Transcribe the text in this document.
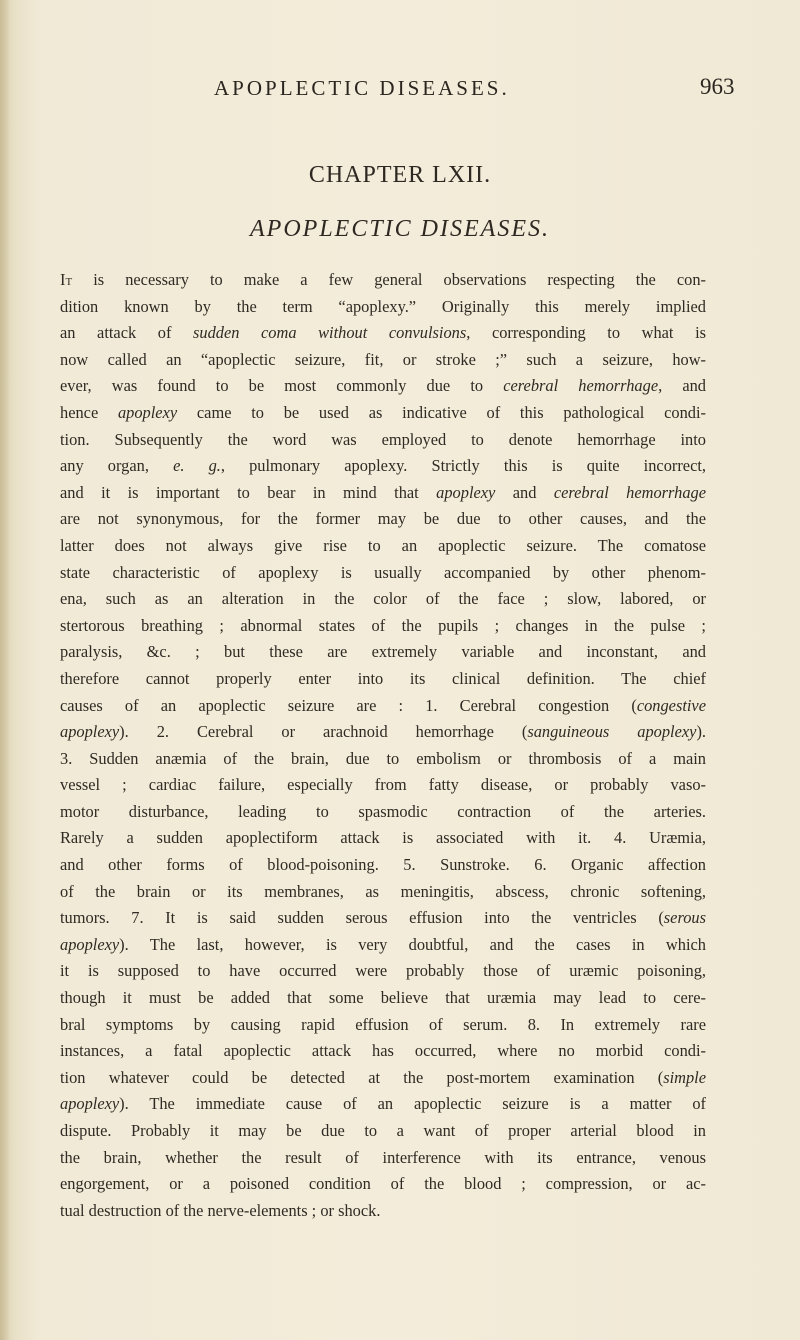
APOPLECTIC DISEASES.	963
CHAPTER LXII.
APOPLECTIC DISEASES.
It is necessary to make a few general observations respecting the con-
dition known by the term “apoplexy.” Originally this merely implied
an attack of sudden coma without convulsions, corresponding to what is
now called an “apoplectic seizure, fit, or stroke ;” such a seizure, how-
ever, was found to be most commonly due to cerebral hemorrhage, and
hence apoplexy came to be used as indicative of this pathological condi-
tion. Subsequently the word was employed to denote hemorrhage into
any organ, e. g., pulmonary apoplexy. Strictly this is quite incorrect,
and it is important to bear in mind that apoplexy and cerebral hemorrhage
are not synonymous, for the former may be due to other causes, and the
latter does not always give rise to an apoplectic seizure. The comatose
state characteristic of apoplexy is usually accompanied by other phenom-
ena, such as an alteration in the color of the face ; slow, labored, or
stertorous breathing ; abnormal states of the pupils ; changes in the pulse ;
paralysis, &c. ; but these are extremely variable and inconstant, and
therefore cannot properly enter into its clinical definition. The chief
causes of an apoplectic seizure are : 1. Cerebral congestion (congestive
apoplexy). 2. Cerebral or arachnoid hemorrhage (sanguineous apoplexy).
3. Sudden anæmia of the brain, due to embolism or thrombosis of a main
vessel ; cardiac failure, especially from fatty disease, or probably vaso-
motor disturbance, leading to spasmodic contraction of the arteries.
Rarely a sudden apoplectiform attack is associated with it. 4. Uræmia,
and other forms of blood-poisoning. 5. Sunstroke. 6. Organic affection
of the brain or its membranes, as meningitis, abscess, chronic softening,
tumors. 7. It is said sudden serous effusion into the ventricles (serous
apoplexy). The last, however, is very doubtful, and the cases in which
it is supposed to have occurred were probably those of uræmic poisoning,
though it must be added that some believe that uræmia may lead to cere-
bral symptoms by causing rapid effusion of serum. 8. In extremely rare
instances, a fatal apoplectic attack has occurred, where no morbid condi-
tion whatever could be detected at the post-mortem examination (simple
apoplexy). The immediate cause of an apoplectic seizure is a matter of
dispute. Probably it may be due to a want of proper arterial blood in
the brain, whether the result of interference with its entrance, venous
engorgement, or a poisoned condition of the blood ; compression, or ac-
tual destruction of the nerve-elements ; or shock.
